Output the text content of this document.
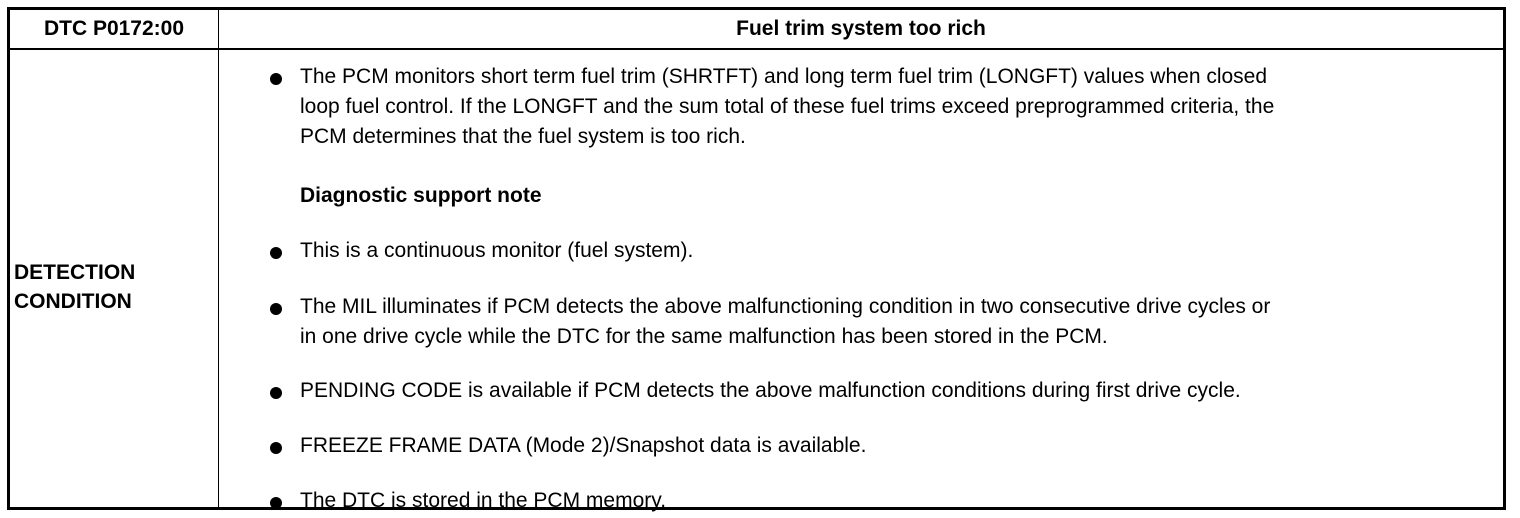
DTC P0172:00	Fuel trim system too rich
DETECTION
CONDITION
The PCM monitors short term fuel trim (SHRTFT) and long term fuel trim (LONGFT) values when closed
loop fuel control. If the LONGFT and the sum total of these fuel trims exceed preprogrammed criteria, the
PCM determines that the fuel system is too rich.
Diagnostic support note
This is a continuous monitor (fuel system).
The MIL illuminates if PCM detects the above malfunctioning condition in two consecutive drive cycles or
in one drive cycle while the DTC for the same malfunction has been stored in the PCM.
PENDING CODE is available if PCM detects the above malfunction conditions during first drive cycle.
FREEZE FRAME DATA (Mode 2)/Snapshot data is available.
The DTC is stored in the PCM memory.
